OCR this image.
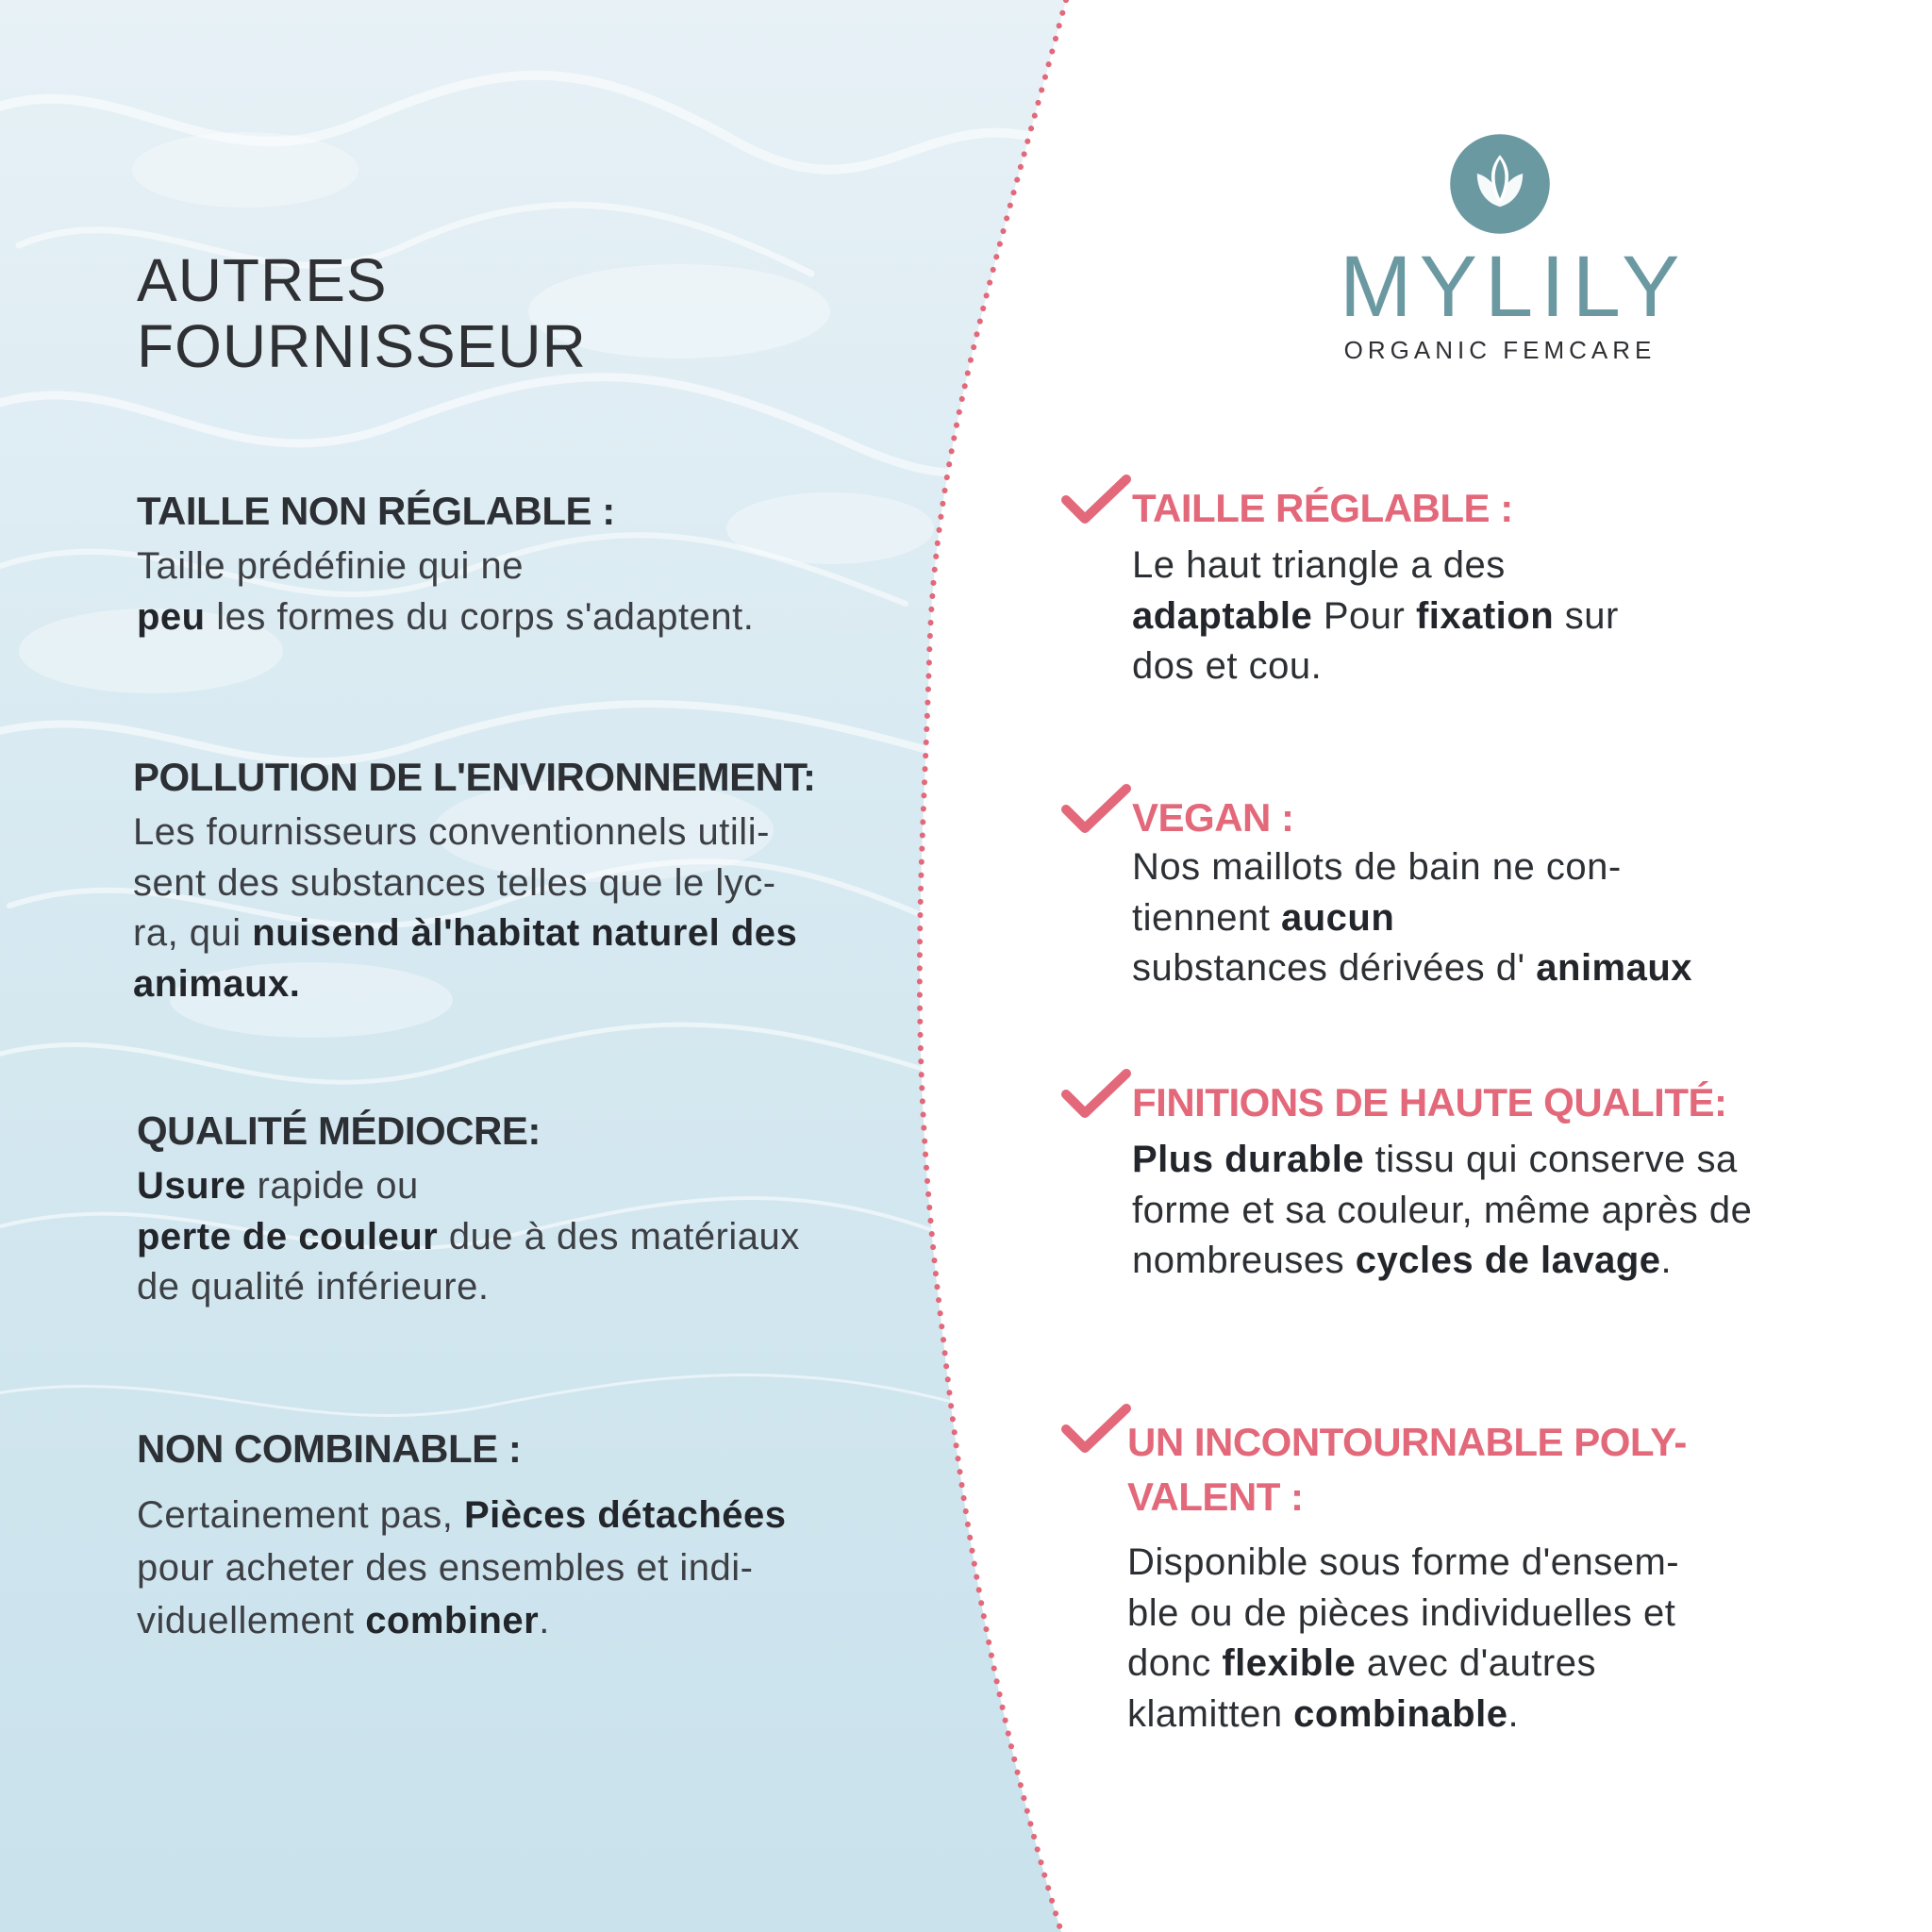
AUTRES
FOURNISSEUR
TAILLE NON RÉGLABLE :
Taille prédéfinie qui ne
peu les formes du corps s'adaptent.
POLLUTION DE L'ENVIRONNEMENT:
Les fournisseurs conventionnels utili-
sent des substances telles que le lyc-
ra, qui nuisend àl'habitat naturel des
animaux.
QUALITÉ MÉDIOCRE:
Usure rapide ou
perte de couleur due à des matériaux
de qualité inférieure.
NON COMBINABLE :
Certainement pas, Pièces détachées
pour acheter des ensembles et indi-
viduellement combiner.
MYLILY
ORGANIC FEMCARE
TAILLE RÉGLABLE :
Le haut triangle a des
adaptable Pour fixation sur
dos et cou.
VEGAN :
Nos maillots de bain ne con-
tiennent aucun
substances dérivées d' animaux
FINITIONS DE HAUTE QUALITÉ:
Plus durable tissu qui conserve sa
forme et sa couleur, même après de
nombreuses cycles de lavage.
UN INCONTOURNABLE POLY-
VALENT :
Disponible sous forme d'ensem-
ble ou de pièces individuelles et
donc flexible avec d'autres
klamitten combinable.
